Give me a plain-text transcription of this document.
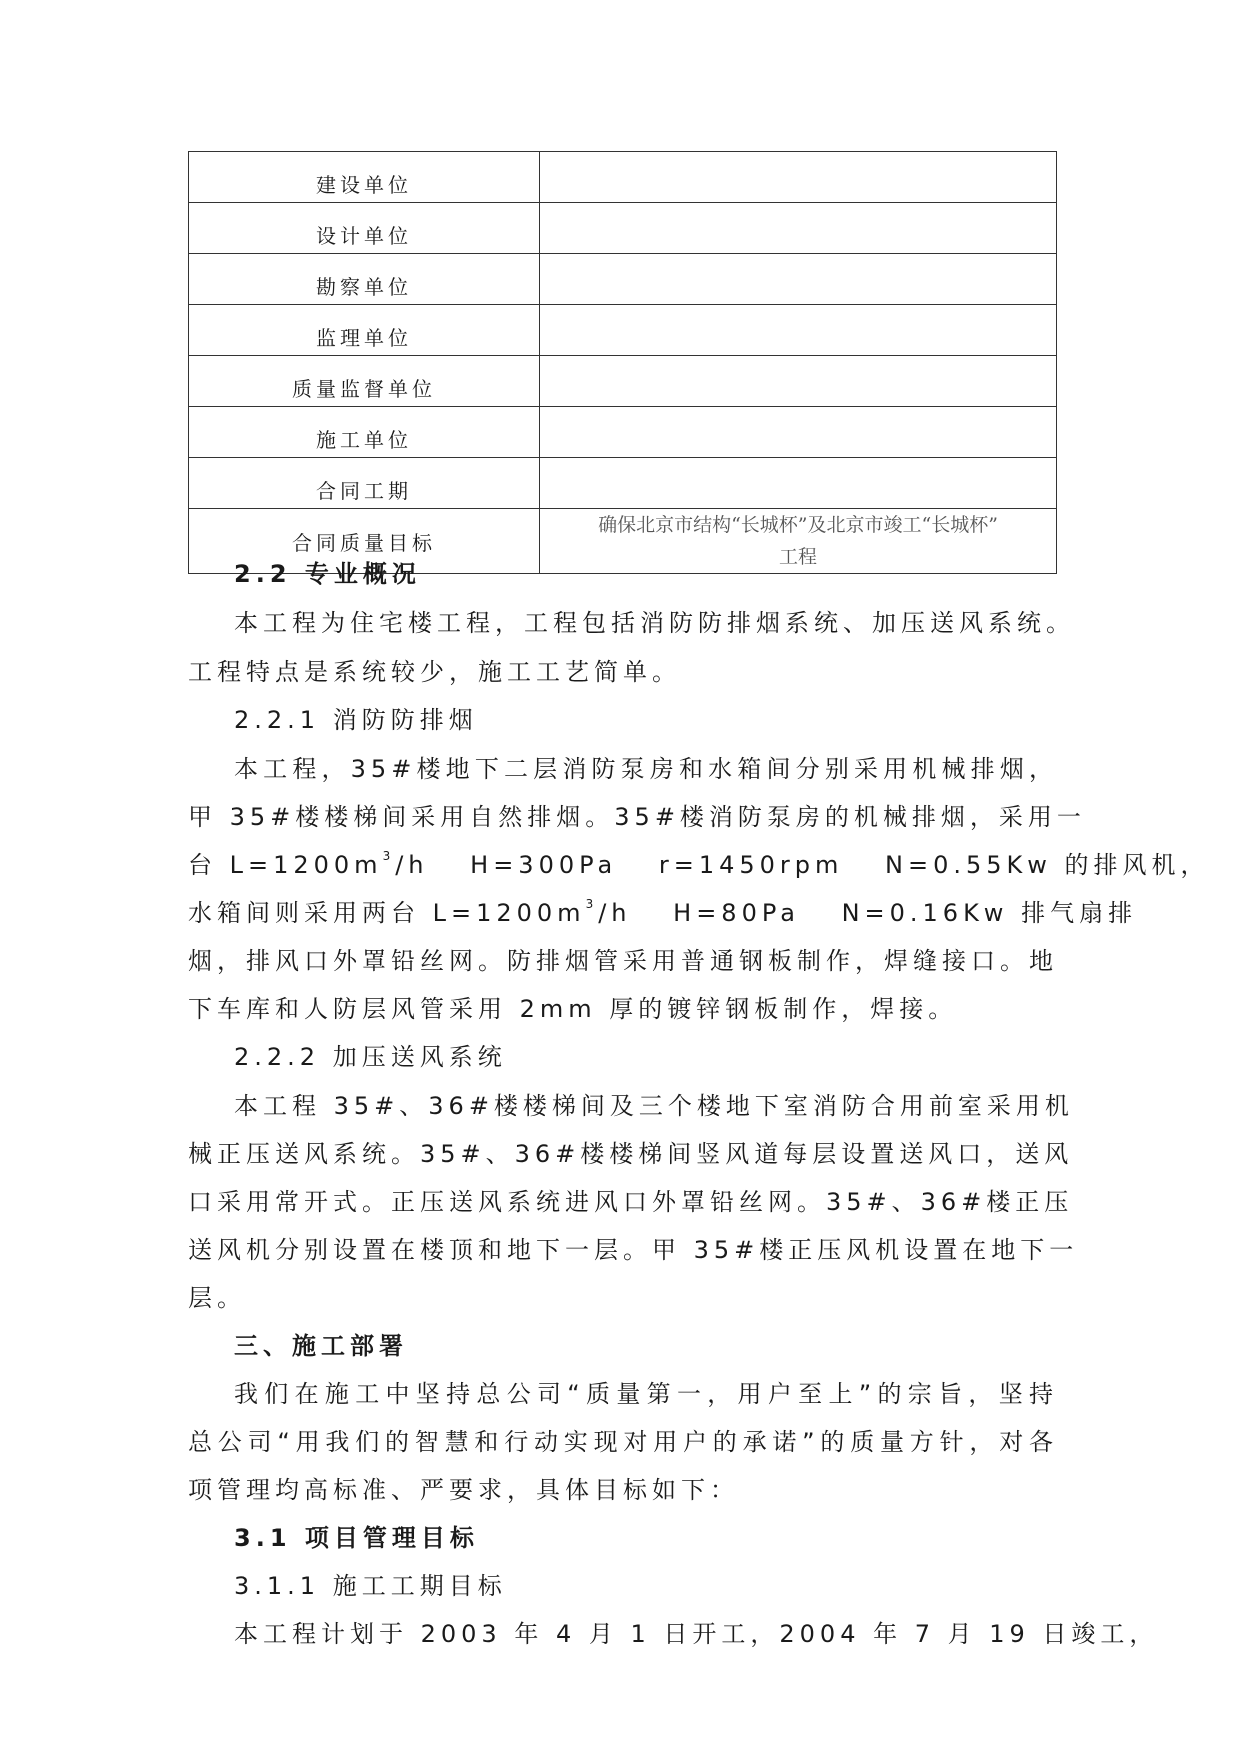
建设单位	
设计单位	
勘察单位	
监理单位	
质量监督单位	
施工单位	
合同工期	
合同质量目标	确保北京市结构“长城杯”及北京市竣工“长城杯”
工程
2.2 专业概况
本工程为住宅楼工程，工程包括消防防排烟系统、加压送风系统。
工程特点是系统较少，施工工艺简单。
2.2.1 消防防排烟
本工程，35#楼地下二层消防泵房和水箱间分别采用机械排烟，
甲 35#楼楼梯间采用自然排烟。35#楼消防泵房的机械排烟，采用一
台 $L=1200m^3/h$　 H=300Pa　 r=1450rpm　 N=0.55Kw 的排风机，
水箱间则采用两台 $L=1200m^3/h$　 H=80Pa　 N=0.16Kw 排气扇排
烟，排风口外罩铅丝网。防排烟管采用普通钢板制作，焊缝接口。地
下车库和人防层风管采用 2mm 厚的镀锌钢板制作，焊接。
2.2.2 加压送风系统
本工程 35#、36#楼楼梯间及三个楼地下室消防合用前室采用机
械正压送风系统。35#、36#楼楼梯间竖风道每层设置送风口，送风
口采用常开式。正压送风系统进风口外罩铅丝网。35#、36#楼正压
送风机分别设置在楼顶和地下一层。甲 35#楼正压风机设置在地下一
层。
三、施工部署
我们在施工中坚持总公司“质量第一，用户至上”的宗旨，坚持
总公司“用我们的智慧和行动实现对用户的承诺”的质量方针，对各
项管理均高标准、严要求，具体目标如下：
3.1 项目管理目标
3.1.1 施工工期目标
本工程计划于 2003 年 4 月 1 日开工，2004 年 7 月 19 日竣工，
